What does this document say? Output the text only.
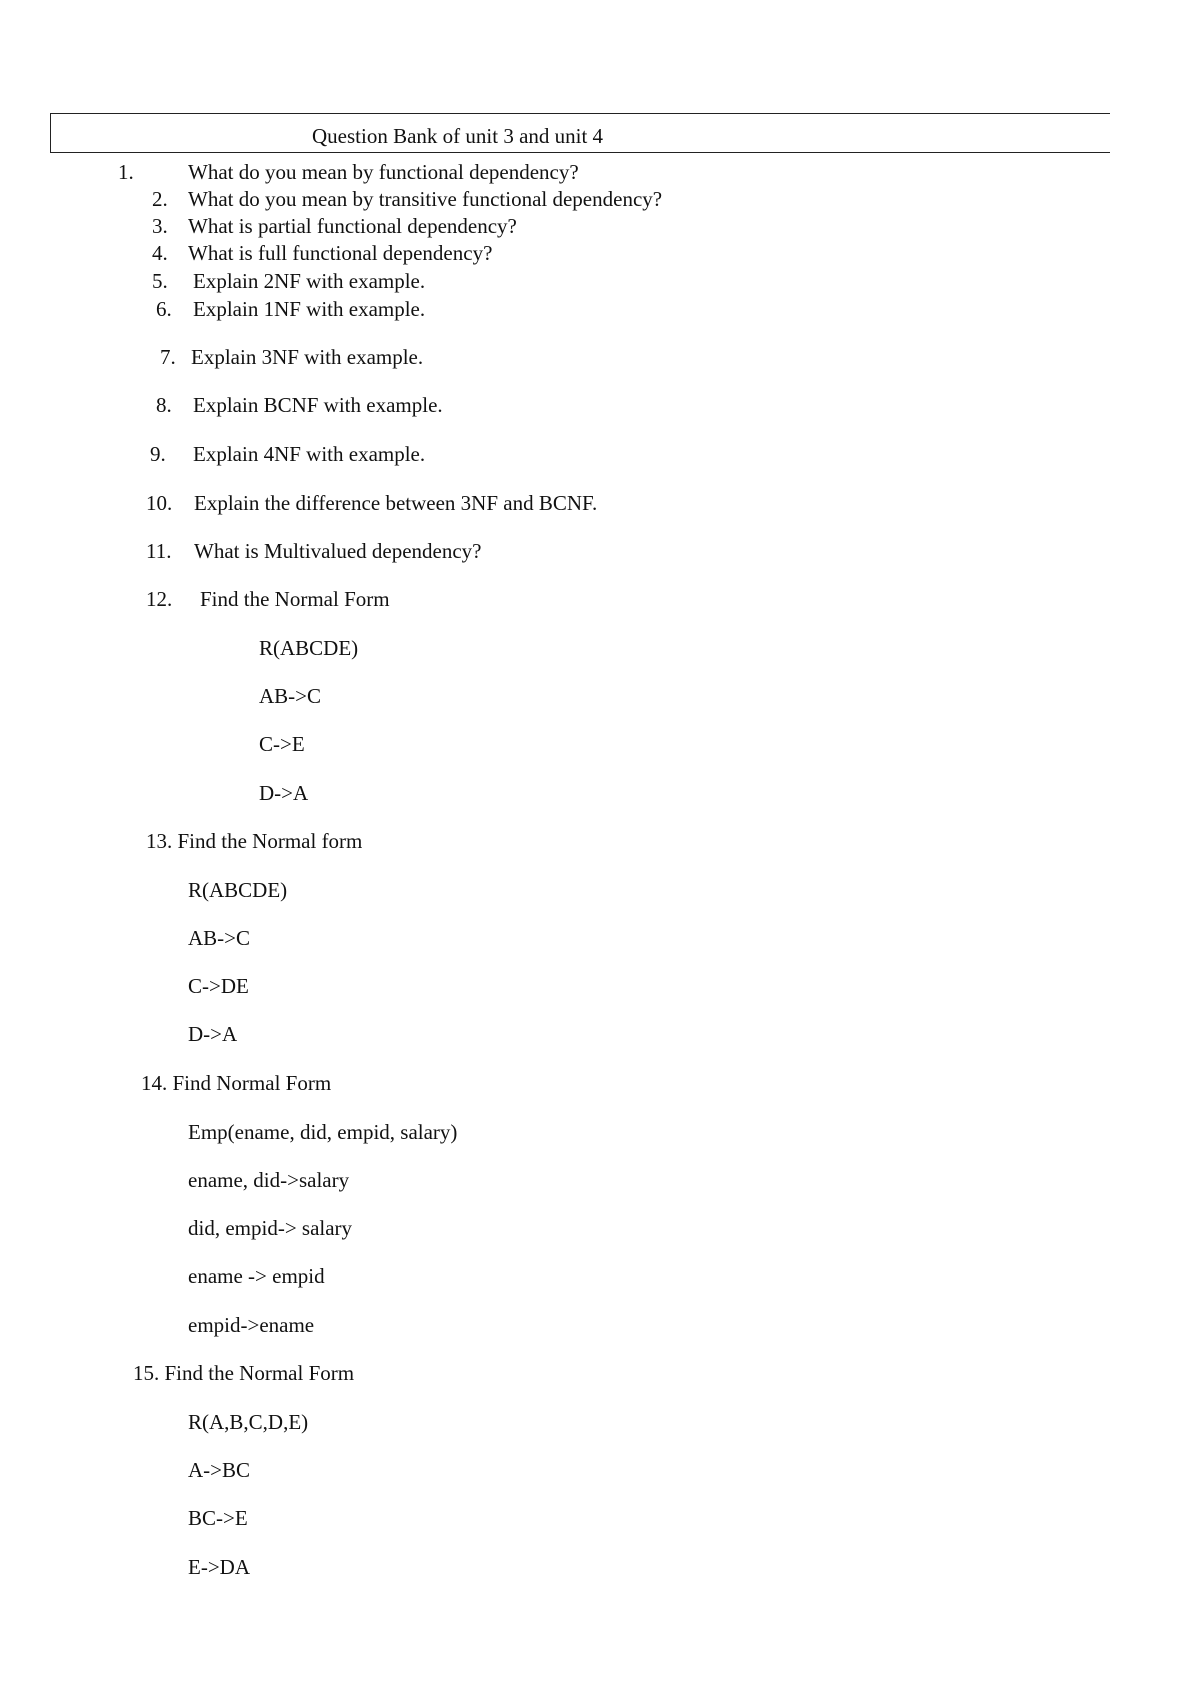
Question Bank of unit 3 and unit 4
1.	What do you mean by functional dependency?
2. What do you mean by transitive functional dependency?
3. What is partial functional dependency?
4. What is full functional dependency?
5. Explain 2NF with example.
6. Explain 1NF with example.
7. Explain 3NF with example.
8. Explain BCNF with example.
9. Explain 4NF with example.
10. Explain the difference between 3NF and BCNF.
11. What is Multivalued dependency?
12. Find the Normal Form
R(ABCDE)
AB->C
C->E
D->A
13. Find the Normal form
R(ABCDE)
AB->C
C->DE
D->A
14. Find Normal Form
Emp(ename, did, empid, salary)
ename, did->salary
did, empid-> salary
ename -> empid
empid->ename
15. Find the Normal Form
R(A,B,C,D,E)
A->BC
BC->E
E->DA
